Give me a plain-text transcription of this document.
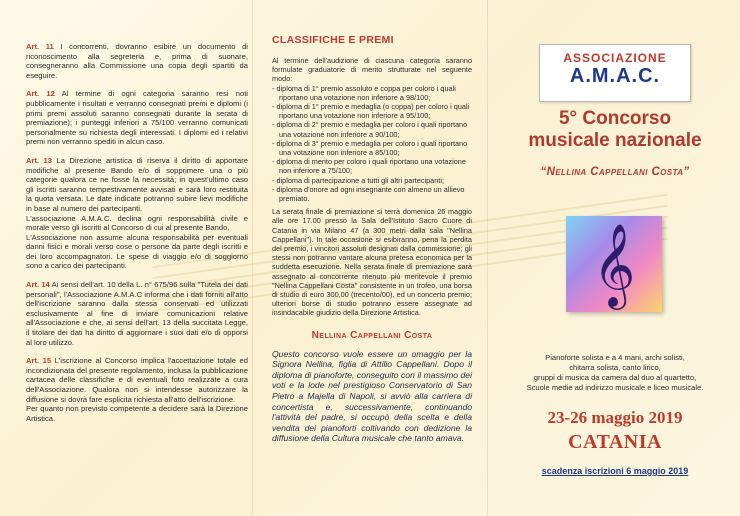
Art. 11 I concorrenti, dovranno esibire un documento di riconoscimento alla segreteria e, prima di suonare, consegneranno alla Commissione una copia degli spartiti da eseguire.

Art. 12 Al termine di ogni categoria saranno resi noti pubblicamente i risultati e verranno consegnati premi e diplomi (i primi premi assoluti saranno consegnati durante la serata di premiazione); i punteggi inferiori a 75/100 verranno comunicati personalmente su richiesta degli interessati. I diplomi ed i relativi premi non verranno spediti in alcun caso.

Art. 13 La Direzione artistica di riserva il diritto di apportare modifiche al presente Bando e/o di sopprimere una o più categorie qualora ce ne fosse la necessità; in quest'ultimo caso gli iscritti saranno tempestivamente avvisati e sarà loro restituita la quota versata. Le date indicate potranno subire lievi modifiche in base al numero dei partecipanti.

L'associazione A.M.A.C. declina ogni responsabilità civile e morale verso gli iscritti al Concorso di cui al presente Bando.

L'Associazione non assume alcuna responsabilità per eventuali danni fisici e morali verso cose o persone da parte degli iscritti e dei loro accompagnatori. Le spese di viaggio e/o di soggiorno sono a carico dei partecipanti.

Art. 14 Ai sensi dell'art. 10 della L. n° 675/96 sulla "Tutela dei dati personali", l'Associazione A.M.A.C informa che i dati forniti all'atto dell'iscrizione saranno dalla stessa conservati ed utilizzati esclusivamente al fine di inviare comunicazioni relative all'Associazione e che, ai sensi dell'art. 13 della succitata Legge, il titolare dei dati ha diritto di aggiornare i suoi dati e/o di opporsi al loro utilizzo.

Art. 15 L'iscrizione al Concorso implica l'accettazione totale ed incondizionata del presente regolamento, inclusa la pubblicazione cartacea delle classifiche e di eventuali foto realizzate a cura dell'Associazione. Qualora non si intendesse autorizzare la diffusione si dovrà fare esplicita richiesta all'atto dell'iscrizione.

Per quanto non previsto competente a decidere sarà la Direzione Artistica.

CLASSIFICHE E PREMI

Al termine dell'audizione di ciascuna categoria saranno formulate graduatorie di merito strutturate nel seguente modo:

- diploma di 1° premio assoluto e coppa per coloro i quali riportano una votazione non inferiore a 98/100;
- diploma di 1° premio e medaglia (o coppa) per coloro i quali riportano una votazione non inferiore a 95/100;
- diploma di 2° premio e medaglia per coloro i quali riportano una votazione non inferiore a 90/100;
- diploma di 3° premio e medaglia per coloro i quali riportano una votazione non inferiore a 85/100;
- diploma di merito per coloro i quali riportano una votazione non inferiore a 75/100;
- diploma di partecipazione a tutti gli altri partecipanti;
- diploma d'onore ad ogni insegnante con almeno un allievo premiato.

La serata finale di premiazione si terrà domenica 26 maggio alle ore 17.00 presso la Sala dell'Istituto Sacro Cuore di Catania in via Milano 47 (a 300 metri dalla sala "Nellina Cappellani"). In tale occasione si esibiranno, pena la perdita del premio, i vincitori assoluti designati dalla commissione; gli stessi non potranno vantare alcuna pretesa economica per la suddetta esecuzione. Nella serata finale di premiazione sarà assegnato al concorrente ritenuto più meritevole il premio "Nellina Cappellani Costa" consistente in un trofeo, una borsa di studio di euro 300,00 (trecento/00), ed un concerto premio; ulteriori borse di studio potranno essere assegnate ad insindacabile giudizio della Direzione Artistica.

Nellina Cappellani Costa

Questo concorso vuole essere un omaggio per la Signora Nellina, figlia di Attilio Cappellani. Dopo il diploma di pianoforte, conseguito con il massimo dei voti e la lode nel prestigioso Conservatorio di San Pietro a Majella di Napoli, si avviò alla carriera di concertista e, successivamente, continuando l'attività del padre, si occupò della scelta e della vendita dei pianoforti coltivando con dedizione la diffusione della Cultura musicale che tanto amava.

ASSOCIAZIONE
A.M.A.C.
5° Concorso
musicale nazionale
“Nellina Cappellani Costa”
𝄞
Pianoforte solista e a 4 mani, archi solisti,
chitarra solista, canto lirico,
gruppi di musica da camera dal duo al quartetto,
Scuole medie ad indirizzo musicale e liceo musicale.
23-26 maggio 2019
CATANIA
scadenza iscrizioni 6 maggio 2019
